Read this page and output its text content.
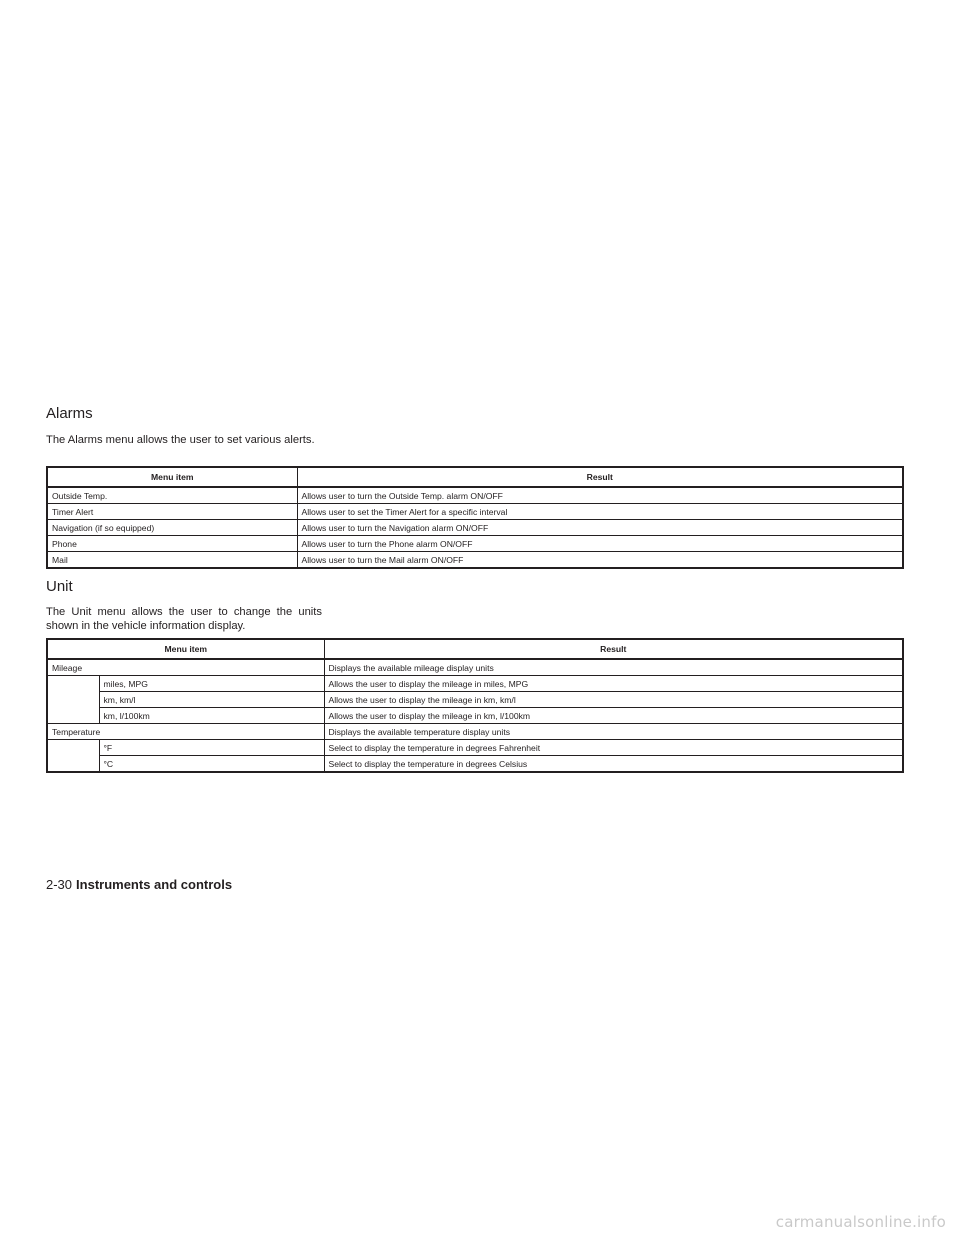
Alarms

The Alarms menu allows the user to set various alerts.

Menu item	Result
Outside Temp.	Allows user to turn the Outside Temp. alarm ON/OFF
Timer Alert	Allows user to set the Timer Alert for a specific interval
Navigation (if so equipped)	Allows user to turn the Navigation alarm ON/OFF
Phone	Allows user to turn the Phone alarm ON/OFF
Mail	Allows user to turn the Mail alarm ON/OFF
Unit

The Unit menu allows the user to change the units shown in the vehicle information display.

Menu item		Result
Mileage		Displays the available mileage display units
	miles, MPG	Allows the user to display the mileage in miles, MPG
	km, km/l	Allows the user to display the mileage in km, km/l
	km, l/100km	Allows the user to display the mileage in km, l/100km
Temperature		Displays the available temperature display units
	°F	Select to display the temperature in degrees Fahrenheit
	°C	Select to display the temperature in degrees Celsius
2-30 Instruments and controls
carmanualsonline.info
